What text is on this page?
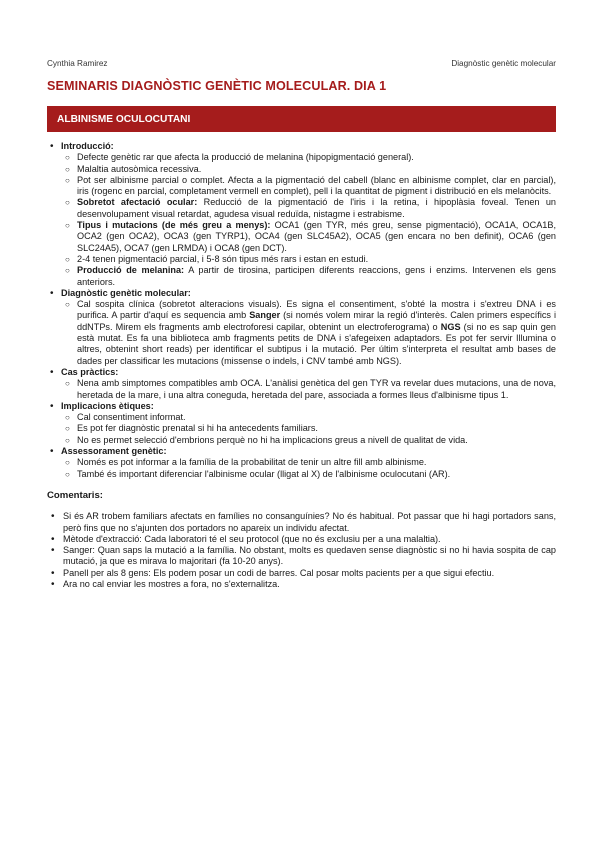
Cynthia Ramirez	Diagnòstic genètic molecular
SEMINARIS DIAGNÒSTIC GENÈTIC MOLECULAR. DIA 1
ALBINISME OCULOCUTANI
• Introducció:
○ Defecte genètic rar que afecta la producció de melanina (hipopigmentació general).
○ Malaltia autosòmica recessiva.
○ Pot ser albinisme parcial o complet. Afecta a la pigmentació del cabell (blanc en albinisme complet, clar en parcial), iris (rogenc en parcial, completament vermell en complet), pell i la quantitat de pigment i distribució en els melanòcits.
○ Sobretot afectació ocular: Reducció de la pigmentació de l'iris i la retina, i hipoplàsia foveal. Tenen un desenvolupament visual retardat, agudesa visual reduïda, nistagme i estrabisme.
○ Tipus i mutacions (de més greu a menys): OCA1 (gen TYR, més greu, sense pigmentació), OCA1A, OCA1B, OCA2 (gen OCA2), OCA3 (gen TYRP1), OCA4 (gen SLC45A2), OCA5 (gen encara no ben definit), OCA6 (gen SLC24A5), OCA7 (gen LRMDA) i OCA8 (gen DCT).
○ 2-4 tenen pigmentació parcial, i 5-8 són tipus més rars i estan en estudi.
○ Producció de melanina: A partir de tirosina, participen diferents reaccions, gens i enzims. Intervenen els gens anteriors.
• Diagnòstic genètic molecular:
○ Cal sospita clínica (sobretot alteracions visuals). Es signa el consentiment, s'obté la mostra i s'extreu DNA i es purifica. A partir d'aquí es sequencia amb Sanger (si només volem mirar la regió d'interès. Calen primers específics i ddNTPs. Mirem els fragments amb electroforesi capilar, obtenint un electroferograma) o NGS (si no es sap quin gen està mutat. Es fa una biblioteca amb fragments petits de DNA i s'afegeixen adaptadors. Es pot fer servir Illumina o altres, obtenint short reads) per identificar el subtipus i la mutació. Per últim s'interpreta el resultat amb bases de dades per classificar les mutacions (missense o indels, i CNV també amb NGS).
• Cas pràctics:
○ Nena amb simptomes compatibles amb OCA. L'anàlisi genètica del gen TYR va revelar dues mutacions, una de nova, heretada de la mare, i una altra coneguda, heretada del pare, associada a formes lleus d'albinisme tipus 1.
• Implicacions ètiques:
○ Cal consentiment informat.
○ Es pot fer diagnòstic prenatal si hi ha antecedents familiars.
○ No es permet selecció d'embrions perquè no hi ha implicacions greus a nivell de qualitat de vida.
• Assessorament genètic:
○ Només es pot informar a la família de la probabilitat de tenir un altre fill amb albinisme.
○ També és important diferenciar l'albinisme ocular (lligat al X) de l'albinisme oculocutani (AR).
Comentaris:
• Si és AR trobem familiars afectats en famílies no consanguínies? No és habitual. Pot passar que hi hagi portadors sans, però fins que no s'ajunten dos portadors no apareix un individu afectat.
• Mètode d'extracció: Cada laboratori té el seu protocol (que no és exclusiu per a una malaltia).
• Sanger: Quan saps la mutació a la família. No obstant, molts es quedaven sense diagnòstic si no hi havia sospita de cap mutació, ja que es mirava lo majoritari (fa 10-20 anys).
• Panell per als 8 gens: Els podem posar un codi de barres. Cal posar molts pacients per a que sigui efectiu.
• Ara no cal enviar les mostres a fora, no s'externalitza.
